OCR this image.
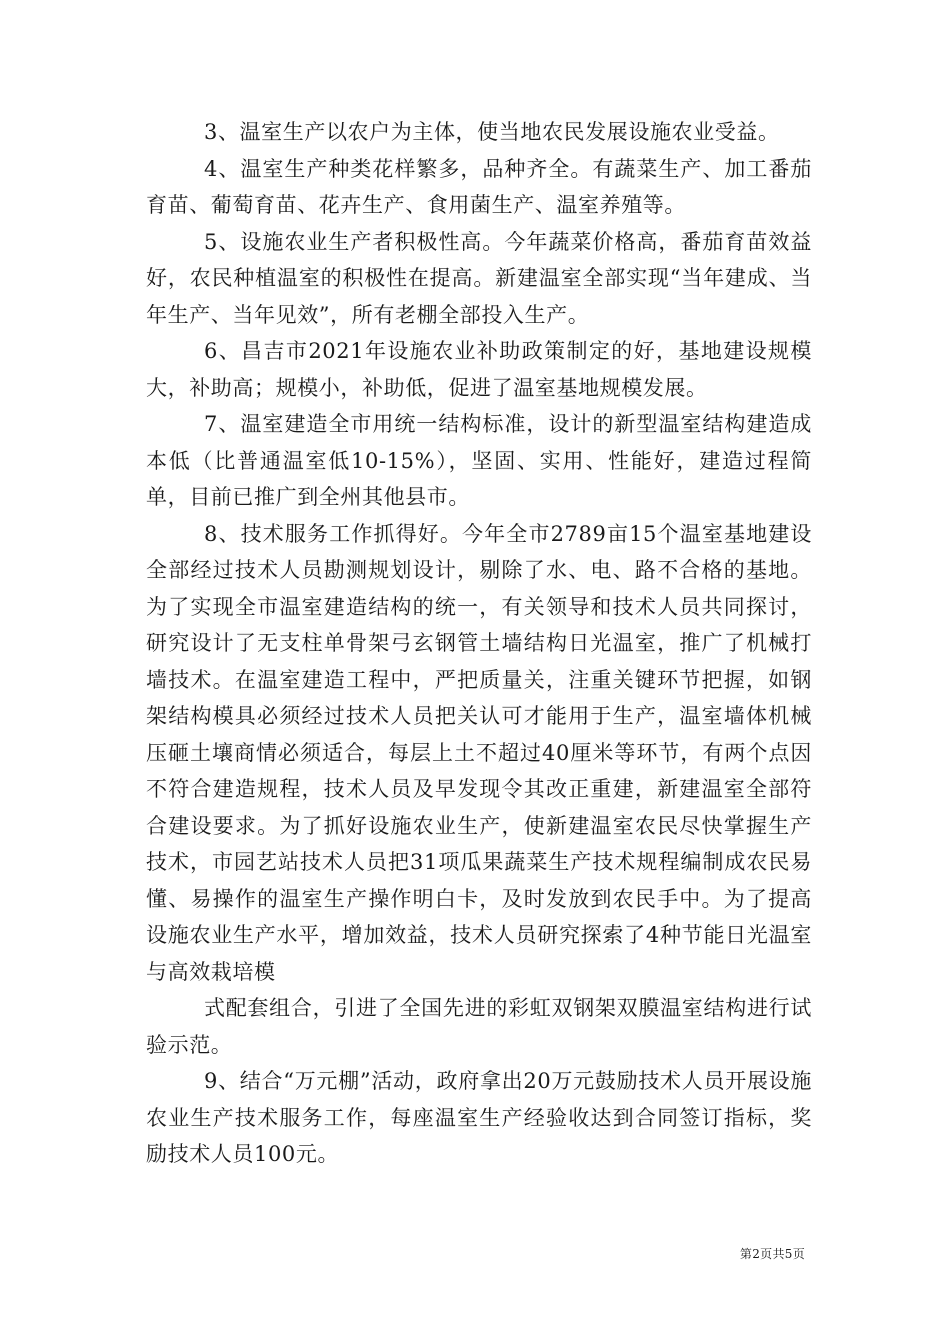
3、温室生产以农户为主体，使当地农民发展设施农业受益。

4、温室生产种类花样繁多，品种齐全。有蔬菜生产、加工番茄育苗、葡萄育苗、花卉生产、食用菌生产、温室养殖等。

5、设施农业生产者积极性高。今年蔬菜价格高，番茄育苗效益好，农民种植温室的积极性在提高。新建温室全部实现“当年建成、当年生产、当年见效”，所有老棚全部投入生产。

6、昌吉市2021年设施农业补助政策制定的好，基地建设规模大，补助高；规模小，补助低，促进了温室基地规模发展。

7、温室建造全市用统一结构标准，设计的新型温室结构建造成本低（比普通温室低10-15%），坚固、实用、性能好，建造过程简单，目前已推广到全州其他县市。

8、技术服务工作抓得好。今年全市2789亩15个温室基地建设全部经过技术人员勘测规划设计，剔除了水、电、路不合格的基地。为了实现全市温室建造结构的统一，有关领导和技术人员共同探讨，研究设计了无支柱单骨架弓玄钢管土墙结构日光温室，推广了机械打墙技术。在温室建造工程中，严把质量关，注重关键环节把握，如钢架结构模具必须经过技术人员把关认可才能用于生产，温室墙体机械压砸土壤商情必须适合，每层上土不超过40厘米等环节，有两个点因不符合建造规程，技术人员及早发现令其改正重建，新建温室全部符合建设要求。为了抓好设施农业生产，使新建温室农民尽快掌握生产技术，市园艺站技术人员把31项瓜果蔬菜生产技术规程编制成农民易懂、易操作的温室生产操作明白卡，及时发放到农民手中。为了提高设施农业生产水平，增加效益，技术人员研究探索了4种节能日光温室与高效栽培模

式配套组合，引进了全国先进的彩虹双钢架双膜温室结构进行试验示范。

9、结合“万元棚”活动，政府拿出20万元鼓励技术人员开展设施农业生产技术服务工作，每座温室生产经验收达到合同签订指标，奖励技术人员100元。

第2页共5页
